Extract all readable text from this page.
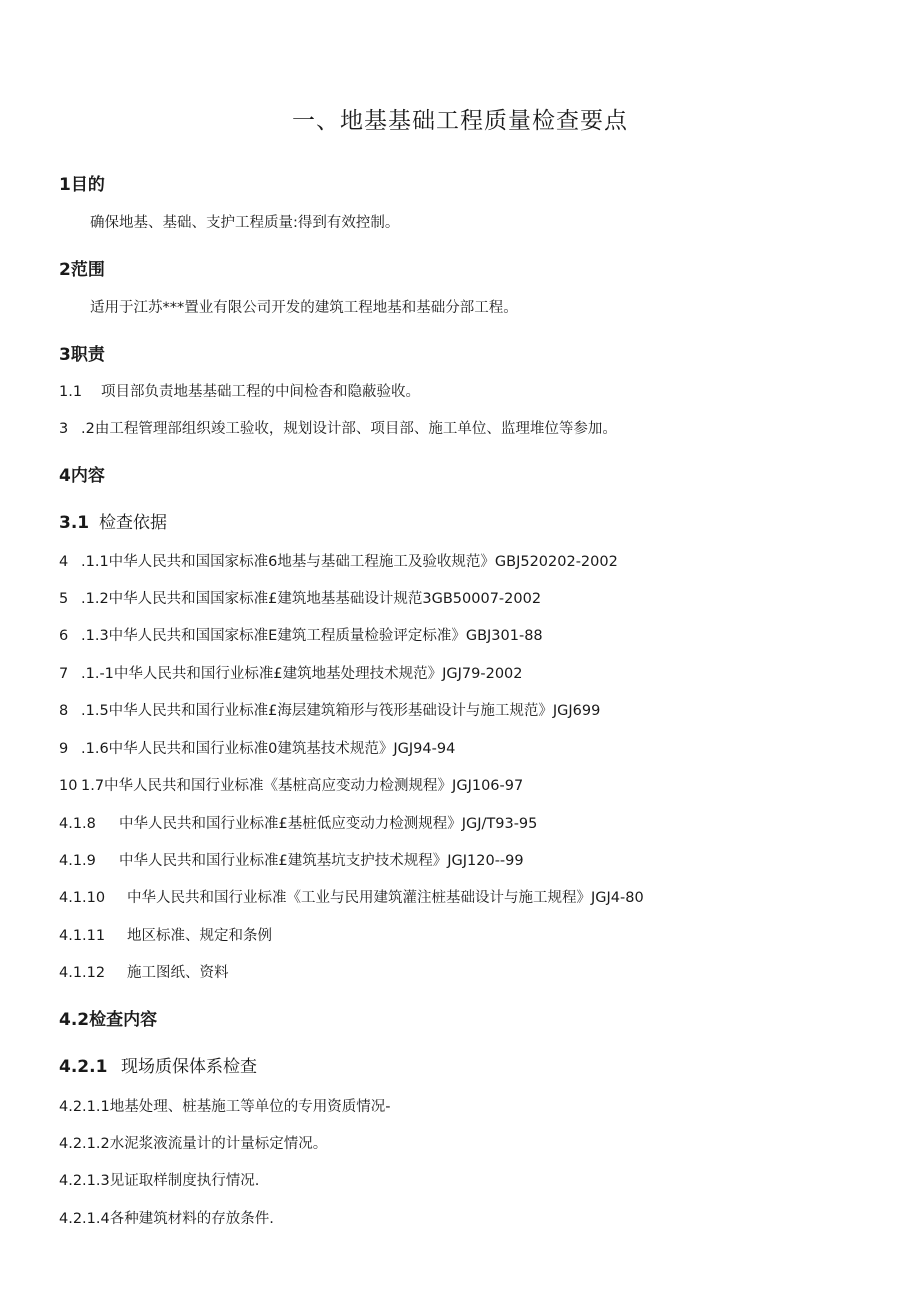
一、地基基础工程质量检查要点
1目的
确保地基、基础、支护工程质量:得到有效控制。
2范围
适用于江苏***置业有限公司开发的建筑工程地基和基础分部工程。
3职责
1.1 项目部负责地基基础工程的中间检杳和隐蔽验收。
3 .2由工程管理部组织竣工验收，规划设计部、项目部、施工单位、监理堆位等参加。
4内容
3.1 检查依据
4 .1.1中华人民共和国国家标准6地基与基础工程施工及验收规范》GBJ520202-2002
5 .1.2中华人民共和国国家标准£建筑地基基础设计规范3GB50007-2002
6 .1.3中华人民共和国国家标准E建筑工程质量检验评定标准》GBJ301-88
7 .1.-1中华人民共和国行业标准£建筑地基处理技术规范》JGJ79-2002
8 .1.5中华人民共和国行业标准£海层建筑箱形与筏形基础设计与施工规范》JGJ699
9 .1.6中华人民共和国行业标准0建筑基技术规范》JGJ94-94
10 1.7中华人民共和国行业标准《基桩高应变动力检测规程》JGJ106-97
4.1.8 中华人民共和国行业标准£基桩低应变动力检测规程》JGJ/T93-95
4.1.9 中华人民共和国行业标准£建筑基坑支护技术规程》JGJ120--99
4.1.10 中华人民共和国行业标准《工业与民用建筑灌注桩基础设计与施工规程》JGJ4-80
4.1.11 地区标准、规定和条例
4.1.12 施工图纸、资料
4.2检查内容
4.2.1 现场质保体系检查
4.2.1.1地基处理、桩基施工等单位的专用资质情况-
4.2.1.2水泥浆液流量计的计量标定情况。
4.2.1.3见证取样制度执行情况.
4.2.1.4各种建筑材料的存放条件.
